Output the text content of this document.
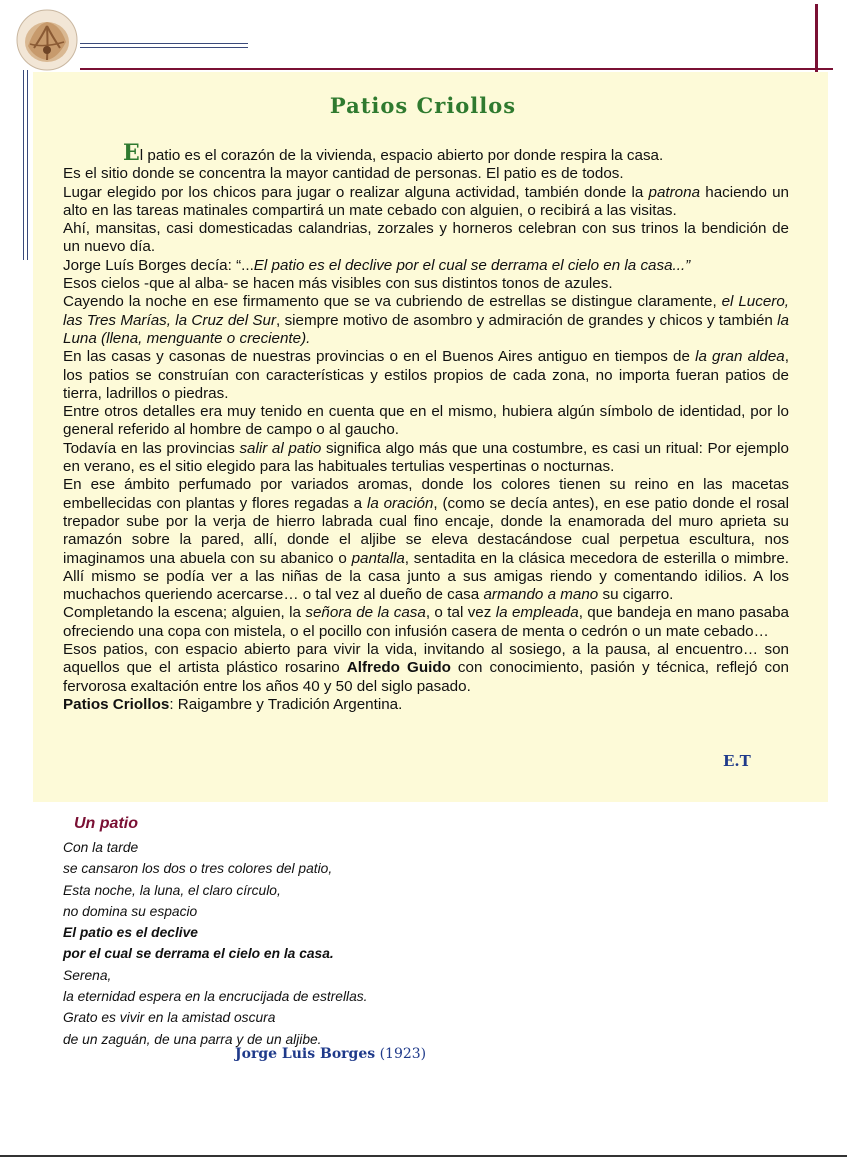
Patios Criollos

El patio es el corazón de la vivienda, espacio abierto por donde respira la casa.

Es el sitio donde se concentra la mayor cantidad de personas. El patio es de todos.

Lugar elegido por los chicos para jugar o realizar alguna actividad, también donde la patrona haciendo un alto en las tareas matinales compartirá un mate cebado con alguien, o recibirá a las visitas.

Ahí, mansitas, casi domesticadas calandrias, zorzales y horneros celebran con sus trinos la bendición de un nuevo día.

Jorge Luís Borges decía: “...El patio es el declive por el cual se derrama el cielo en la casa...”

Esos cielos -que al alba- se hacen más visibles con sus distintos tonos de azules.

Cayendo la noche en ese firmamento que se va cubriendo de estrellas se distingue claramente, el Lucero, las Tres Marías, la Cruz del Sur, siempre motivo de asombro y admiración de grandes y chicos y también la Luna (llena, menguante o creciente).

En las casas y casonas de nuestras provincias o en el Buenos Aires antiguo en tiempos de la gran aldea, los patios se construían con características y estilos propios de cada zona, no importa fueran patios de tierra, ladrillos o piedras.

Entre otros detalles era muy tenido en cuenta que en el mismo, hubiera algún símbolo de identidad, por lo general referido al hombre de campo o al gaucho.

Todavía en las provincias salir al patio significa algo más que una costumbre, es casi un ritual: Por ejemplo en verano, es el sitio elegido para las habituales tertulias vespertinas o nocturnas.

En ese ámbito perfumado por variados aromas, donde los colores tienen su reino en las macetas embellecidas con plantas y flores regadas a la oración, (como se decía antes), en ese patio donde el rosal trepador sube por la verja de hierro labrada cual fino encaje, donde la enamorada del muro aprieta su ramazón sobre la pared, allí, donde el aljibe se eleva destacándose cual perpetua escultura, nos imaginamos una abuela con su abanico o pantalla, sentadita en la clásica mecedora de esterilla o mimbre. Allí mismo se podía ver a las niñas de la casa junto a sus amigas riendo y comentando idilios. A los muchachos queriendo acercarse… o tal vez al dueño de casa armando a mano su cigarro.

Completando la escena; alguien, la señora de la casa, o tal vez la empleada, que bandeja en mano pasaba ofreciendo una copa con mistela, o el pocillo con infusión casera de menta o cedrón o un mate cebado…

Esos patios, con espacio abierto para vivir la vida, invitando al sosiego, a la pausa, al encuentro… son aquellos que el artista plástico rosarino Alfredo Guido con conocimiento, pasión y técnica, reflejó con fervorosa exaltación entre los años 40 y 50 del siglo pasado.

Patios Criollos: Raigambre y Tradición Argentina.

E.T
Un patio
Con la tarde
se cansaron los dos o tres colores del patio,
Esta noche, la luna, el claro círculo,
no domina su espacio
El patio es el declive
por el cual se derrama el cielo en la casa.
Serena,
la eternidad espera en la encrucijada de estrellas.
Grato es vivir en la amistad oscura
de un zaguán, de una parra y de un aljibe.
Jorge Luis Borges (1923)
